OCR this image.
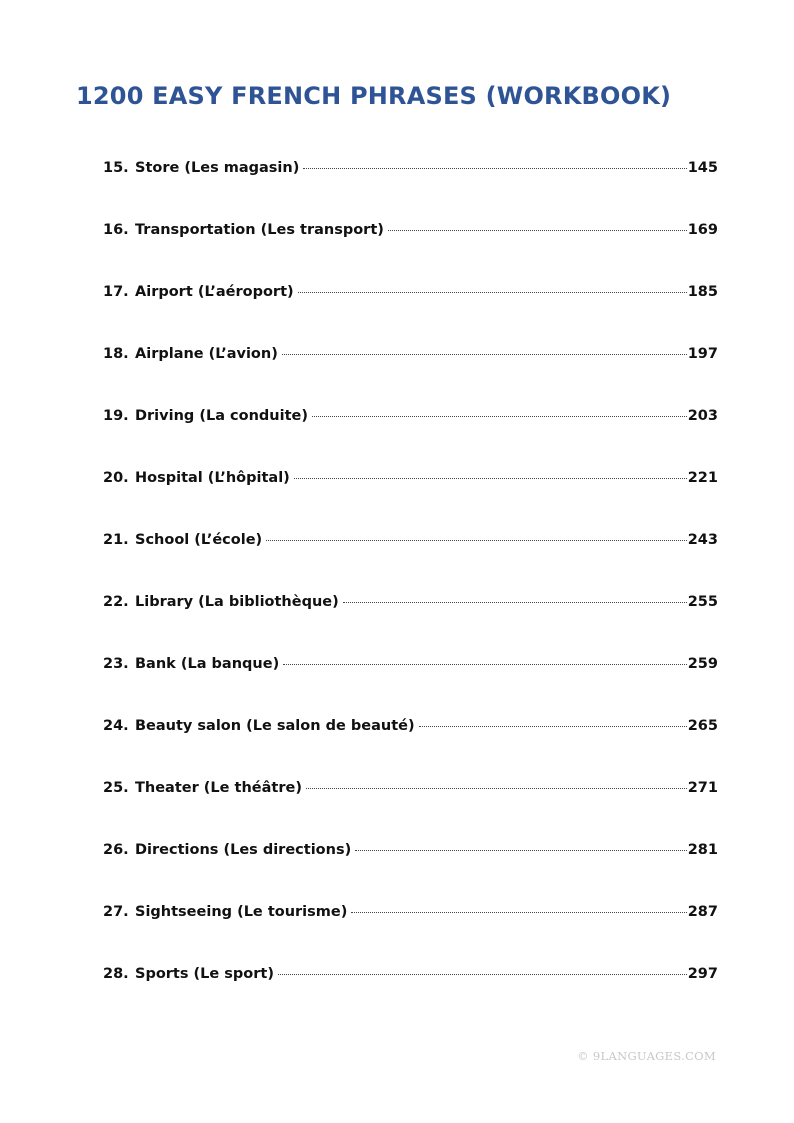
1200 EASY FRENCH PHRASES (WORKBOOK)
15. Store (Les magasin)	145
16. Transportation (Les transport)	169
17. Airport (L’aéroport)	185
18. Airplane (L’avion)	197
19. Driving (La conduite)	203
20. Hospital (L’hôpital)	221
21. School (L’école)	243
22. Library (La bibliothèque)	255
23. Bank (La banque)	259
24. Beauty salon (Le salon de beauté)	265
25. Theater (Le théâtre)	271
26. Directions (Les directions)	281
27. Sightseeing (Le tourisme)	287
28. Sports (Le sport)	297
© 9LANGUAGES.COM
